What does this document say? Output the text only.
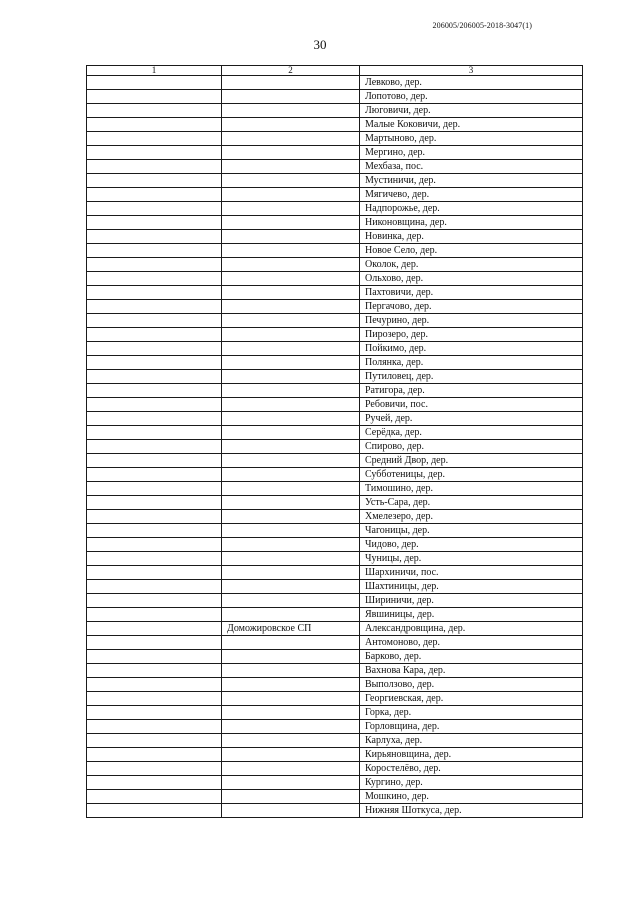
206005/206005-2018-3047(1)
30
1	2	3
		Левково, дер.
		Лопотово, дер.
		Люговичи, дер.
		Малые Коковичи, дер.
		Мартыново, дер.
		Мергино, дер.
		Мехбаза, пос.
		Мустиничи, дер.
		Мягичево, дер.
		Надпорожье, дер.
		Никоновщина, дер.
		Новинка, дер.
		Новое Село, дер.
		Околок, дер.
		Ольхово, дер.
		Пахтовичи, дер.
		Пергачово, дер.
		Печурино, дер.
		Пирозеро, дер.
		Пойкимо, дер.
		Полянка, дер.
		Путиловец, дер.
		Ратигора, дер.
		Ребовичи, пос.
		Ручей, дер.
		Серёдка, дер.
		Спирово, дер.
		Средний Двор, дер.
		Субботеницы, дер.
		Тимошино, дер.
		Усть-Сара, дер.
		Хмелезеро, дер.
		Чагоницы, дер.
		Чидово, дер.
		Чуницы, дер.
		Шархиничи, пос.
		Шахтиницы, дер.
		Шириничи, дер.
		Явшиницы, дер.
	Доможировское СП	Александровщина, дер.
		Антомоново, дер.
		Барково, дер.
		Вахнова Кара, дер.
		Выползово, дер.
		Георгиевская, дер.
		Горка, дер.
		Горловщина, дер.
		Карлуха, дер.
		Кирьяновщина, дер.
		Коростелёво, дер.
		Кургино, дер.
		Мошкино, дер.
		Нижняя Шоткуса, дер.
